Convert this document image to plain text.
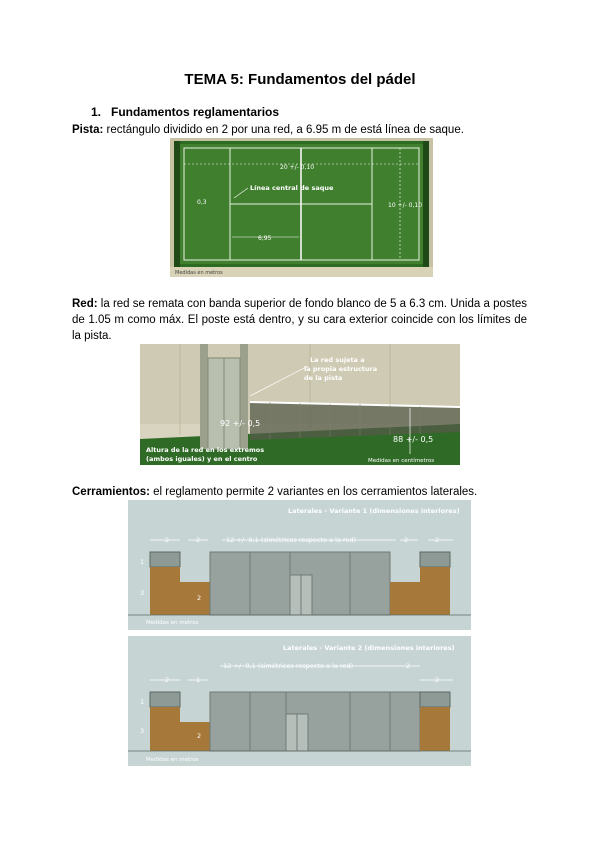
TEMA 5: Fundamentos del pádel
1. Fundamentos reglamentarios
Pista: rectángulo dividido en 2 por una red, a 6.95 m de está línea de saque.
20 +/- 0,10
10 +/- 0,10
Línea central de saque
0,3
6,95
Medidas en metros
Red: la red se remata con banda superior de fondo blanco de 5 a 6.3 cm. Unida a postes de 1.05 m como máx. El poste está dentro, y su cara exterior coincide con los límites de la pista.
La red sujeta a
la propia estructura
de la pista
92 +/- 0,5
88 +/- 0,5
Altura de la red en los extremos
(ambos iguales) y en el centro	Medidas en centímetros
Cerramientos: el reglamento permite 2 variantes en los cerramientos laterales.
Laterales - Variante 1 (dimensiones interiores)
2	2	12 +/- 0,1 (simétricos respecto a la red)	2	2
1
3
2
Medidas en metros
Laterales - Variante 2 (dimensiones interiores)
12 +/- 0,1 (simétricos respecto a la red)	2
2	1	2
1
3
2
Medidas en metros
